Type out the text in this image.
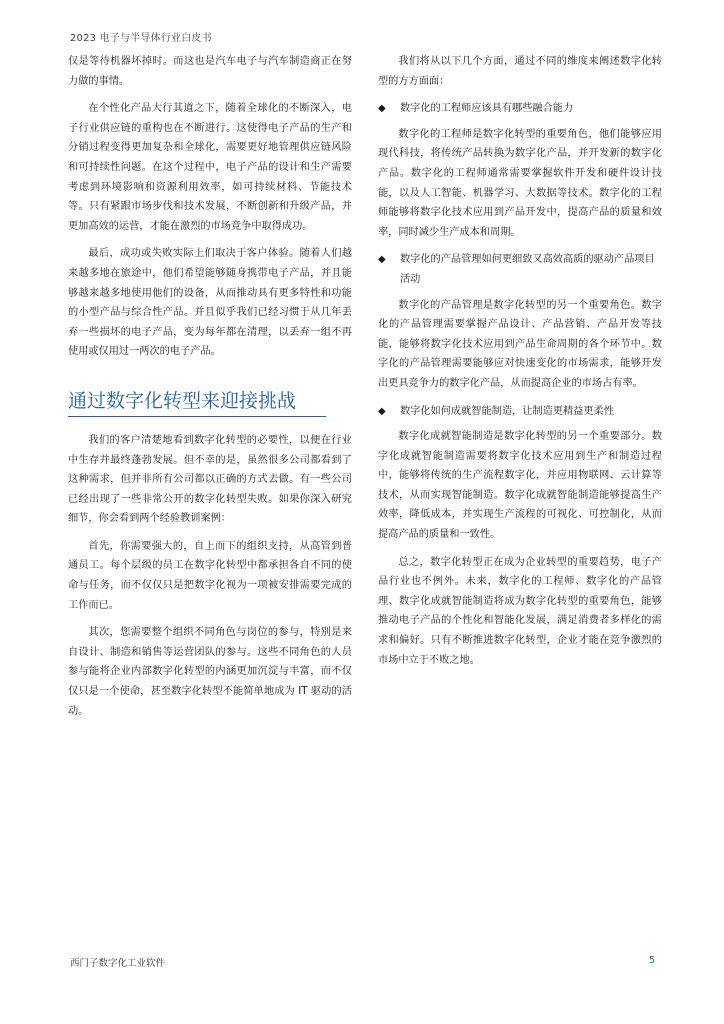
2023 电子与半导体行业白皮书

仅是等待机器坏掉时。而这也是汽车电子与汽车制造商正在努力做的事情。

在个性化产品大行其道之下，随着全球化的不断深入，电子行业供应链的重构也在不断进行。这使得电子产品的生产和分销过程变得更加复杂和全球化，需要更好地管理供应链风险和可持续性问题。在这个过程中，电子产品的设计和生产需要考虑到环境影响和资源利用效率，如可持续材料、节能技术等。只有紧跟市场步伐和技术发展，不断创新和升级产品，并更加高效的运营，才能在激烈的市场竞争中取得成功。

最后，成功或失败实际上们取决于客户体验。随着人们越来越多地在旅途中，他们希望能够随身携带电子产品，并且能够越来越多地使用他们的设备，从而推动具有更多特性和功能的小型产品与综合性产品。并且似乎我们已经习惯于从几年丢弃一些损坏的电子产品，变为每年都在清理，以丢弃一组不再使用或仅用过一两次的电子产品。

通过数字化转型来迎接挑战

我们的客户清楚地看到数字化转型的必要性，以便在行业中生存并最终蓬勃发展。但不幸的是，虽然很多公司都看到了这种需求，但并非所有公司都以正确的方式去做。有一些公司已经出现了一些非常公开的数字化转型失败。如果你深入研究细节，你会看到两个经验教训案例：

首先，你需要强大的，自上而下的组织支持，从高管到普通员工。每个层级的员工在数字化转型中都承担各自不同的使命与任务，而不仅仅只是把数字化视为一项被安排需要完成的工作而已。

其次，您需要整个组织不同角色与岗位的参与，特别是来自设计、制造和销售等运营团队的参与。这些不同角色的人员参与能将企业内部数字化转型的内涵更加沉淀与丰富，而不仅仅只是一个使命，甚至数字化转型不能简单地成为 IT 驱动的活动。

我们将从以下几个方面，通过不同的维度来阐述数字化转型的方方面面：

◆	数字化的工程师应该具有哪些融合能力

数字化的工程师是数字化转型的重要角色，他们能够应用现代科技，将传统产品转换为数字化产品，并开发新的数字化产品。数字化的工程师通常需要掌握软件开发和硬件设计技能，以及人工智能、机器学习、大数据等技术。数字化的工程师能够将数字化技术应用到产品开发中，提高产品的质量和效率，同时减少生产成本和周期。

◆	数字化的产品管理如何更细致又高效高质的驱动产品项目活动

数字化的产品管理是数字化转型的另一个重要角色。数字化的产品管理需要掌握产品设计、产品营销、产品开发等技能，能够将数字化技术应用到产品生命周期的各个环节中。数字化的产品管理需要能够应对快速变化的市场需求，能够开发出更具竞争力的数字化产品，从而提高企业的市场占有率。

◆	数字化如何成就智能制造，让制造更精益更柔性

数字化成就智能制造是数字化转型的另一个重要部分。数字化成就智能制造需要将数字化技术应用到生产和制造过程中，能够将传统的生产流程数字化，并应用物联网、云计算等技术，从而实现智能制造。数字化成就智能制造能够提高生产效率，降低成本，并实现生产流程的可视化、可控制化，从而提高产品的质量和一致性。

总之，数字化转型正在成为企业转型的重要趋势，电子产品行业也不例外。未来，数字化的工程师、数字化的产品管理、数字化成就智能制造将成为数字化转型的重要角色，能够推动电子产品的个性化和智能化发展，满足消费者多样化的需求和偏好。只有不断推进数字化转型，企业才能在竞争激烈的市场中立于不败之地。

西门子数字化工业软件	5
